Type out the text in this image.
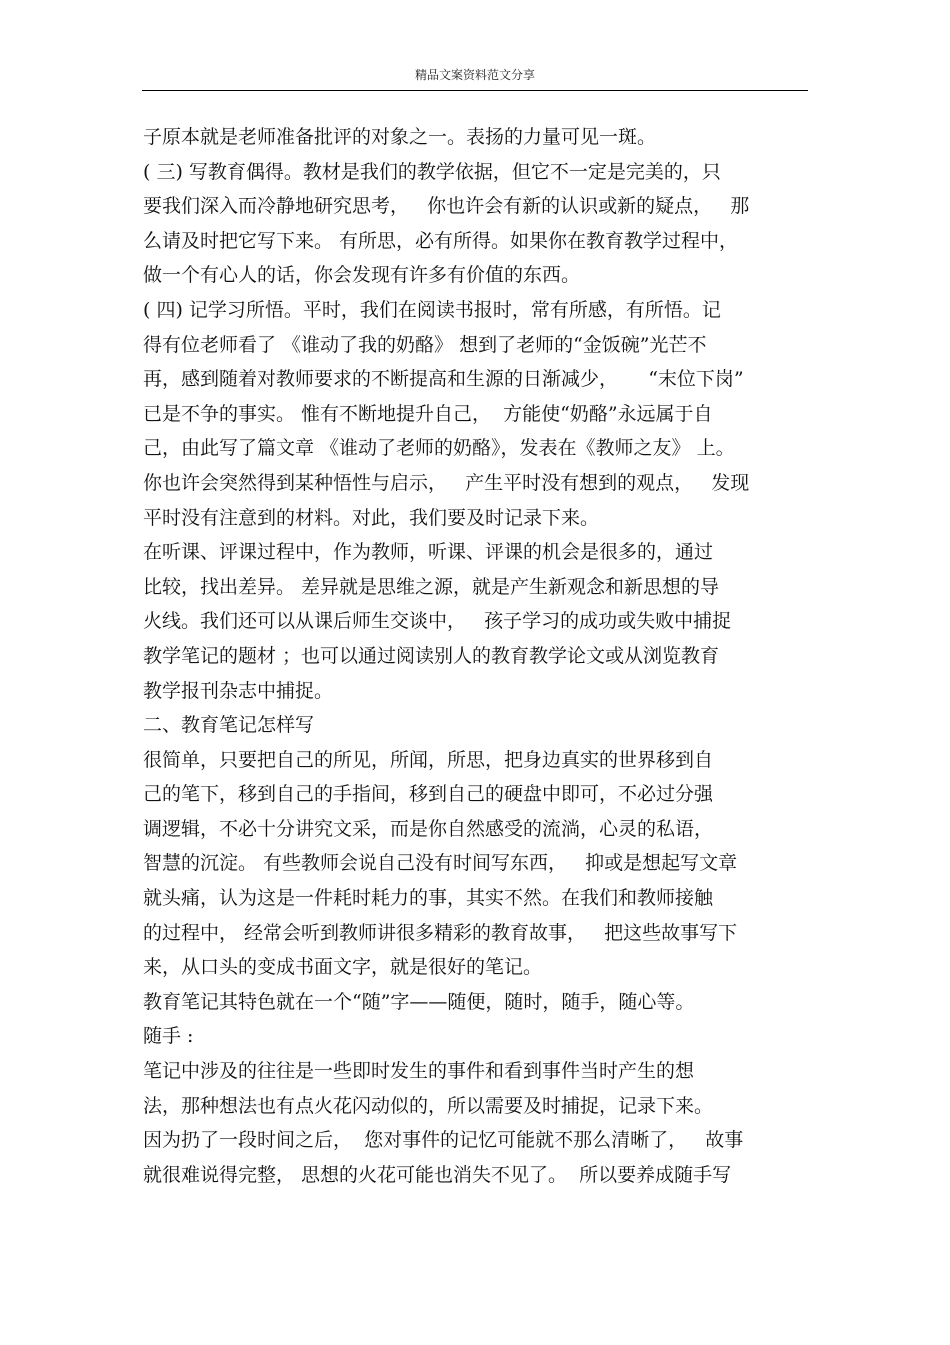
精品文案资料范文分享
子原本就是老师准备批评的对象之一。表扬的力量可见一斑。
( 三) 写教育偶得。教材是我们的教学依据，但它不一定是完美的，只
要我们深入而冷静地研究思考，   你也许会有新的认识或新的疑点，   那
么请及时把它写下来。 有所思，必有所得。如果你在教育教学过程中，
做一个有心人的话，你会发现有许多有价值的东西。
( 四) 记学习所悟。平时，我们在阅读书报时，常有所感，有所悟。记
得有位老师看了 《谁动了我的奶酪》 想到了老师的“金饭碗”光芒不
再，感到随着对教师要求的不断提高和生源的日渐减少，     “末位下岗”
已是不争的事实。 惟有不断地提升自己，  方能使“奶酪”永远属于自
己，由此写了篇文章 《谁动了老师的奶酪》，发表在《教师之友》 上。
你也许会突然得到某种悟性与启示，   产生平时没有想到的观点，   发现
平时没有注意到的材料。对此，我们要及时记录下来。
在听课、评课过程中，作为教师，听课、评课的机会是很多的，通过
比较，找出差异。 差异就是思维之源，就是产生新观念和新思想的导
火线。我们还可以从课后师生交谈中，   孩子学习的成功或失败中捕捉
教学笔记的题材 ；也可以通过阅读别人的教育教学论文或从浏览教育
教学报刊杂志中捕捉。
二、教育笔记怎样写
很简单，只要把自己的所见，所闻，所思，把身边真实的世界移到自
己的笔下，移到自己的手指间，移到自己的硬盘中即可，不必过分强
调逻辑，不必十分讲究文采，而是你自然感受的流淌，心灵的私语，
智慧的沉淀。 有些教师会说自己没有时间写东西，   抑或是想起写文章
就头痛，认为这是一件耗时耗力的事，其实不然。在我们和教师接触
的过程中， 经常会听到教师讲很多精彩的教育故事，   把这些故事写下
来，从口头的变成书面文字，就是很好的笔记。
教育笔记其特色就在一个“随”字——随便，随时，随手，随心等。
随手 :
笔记中涉及的往往是一些即时发生的事件和看到事件当时产生的想
法，那种想法也有点火花闪动似的，所以需要及时捕捉，记录下来。
因为扔了一段时间之后，  您对事件的记忆可能就不那么清晰了，   故事
就很难说得完整， 思想的火花可能也消失不见了。  所以要养成随手写
